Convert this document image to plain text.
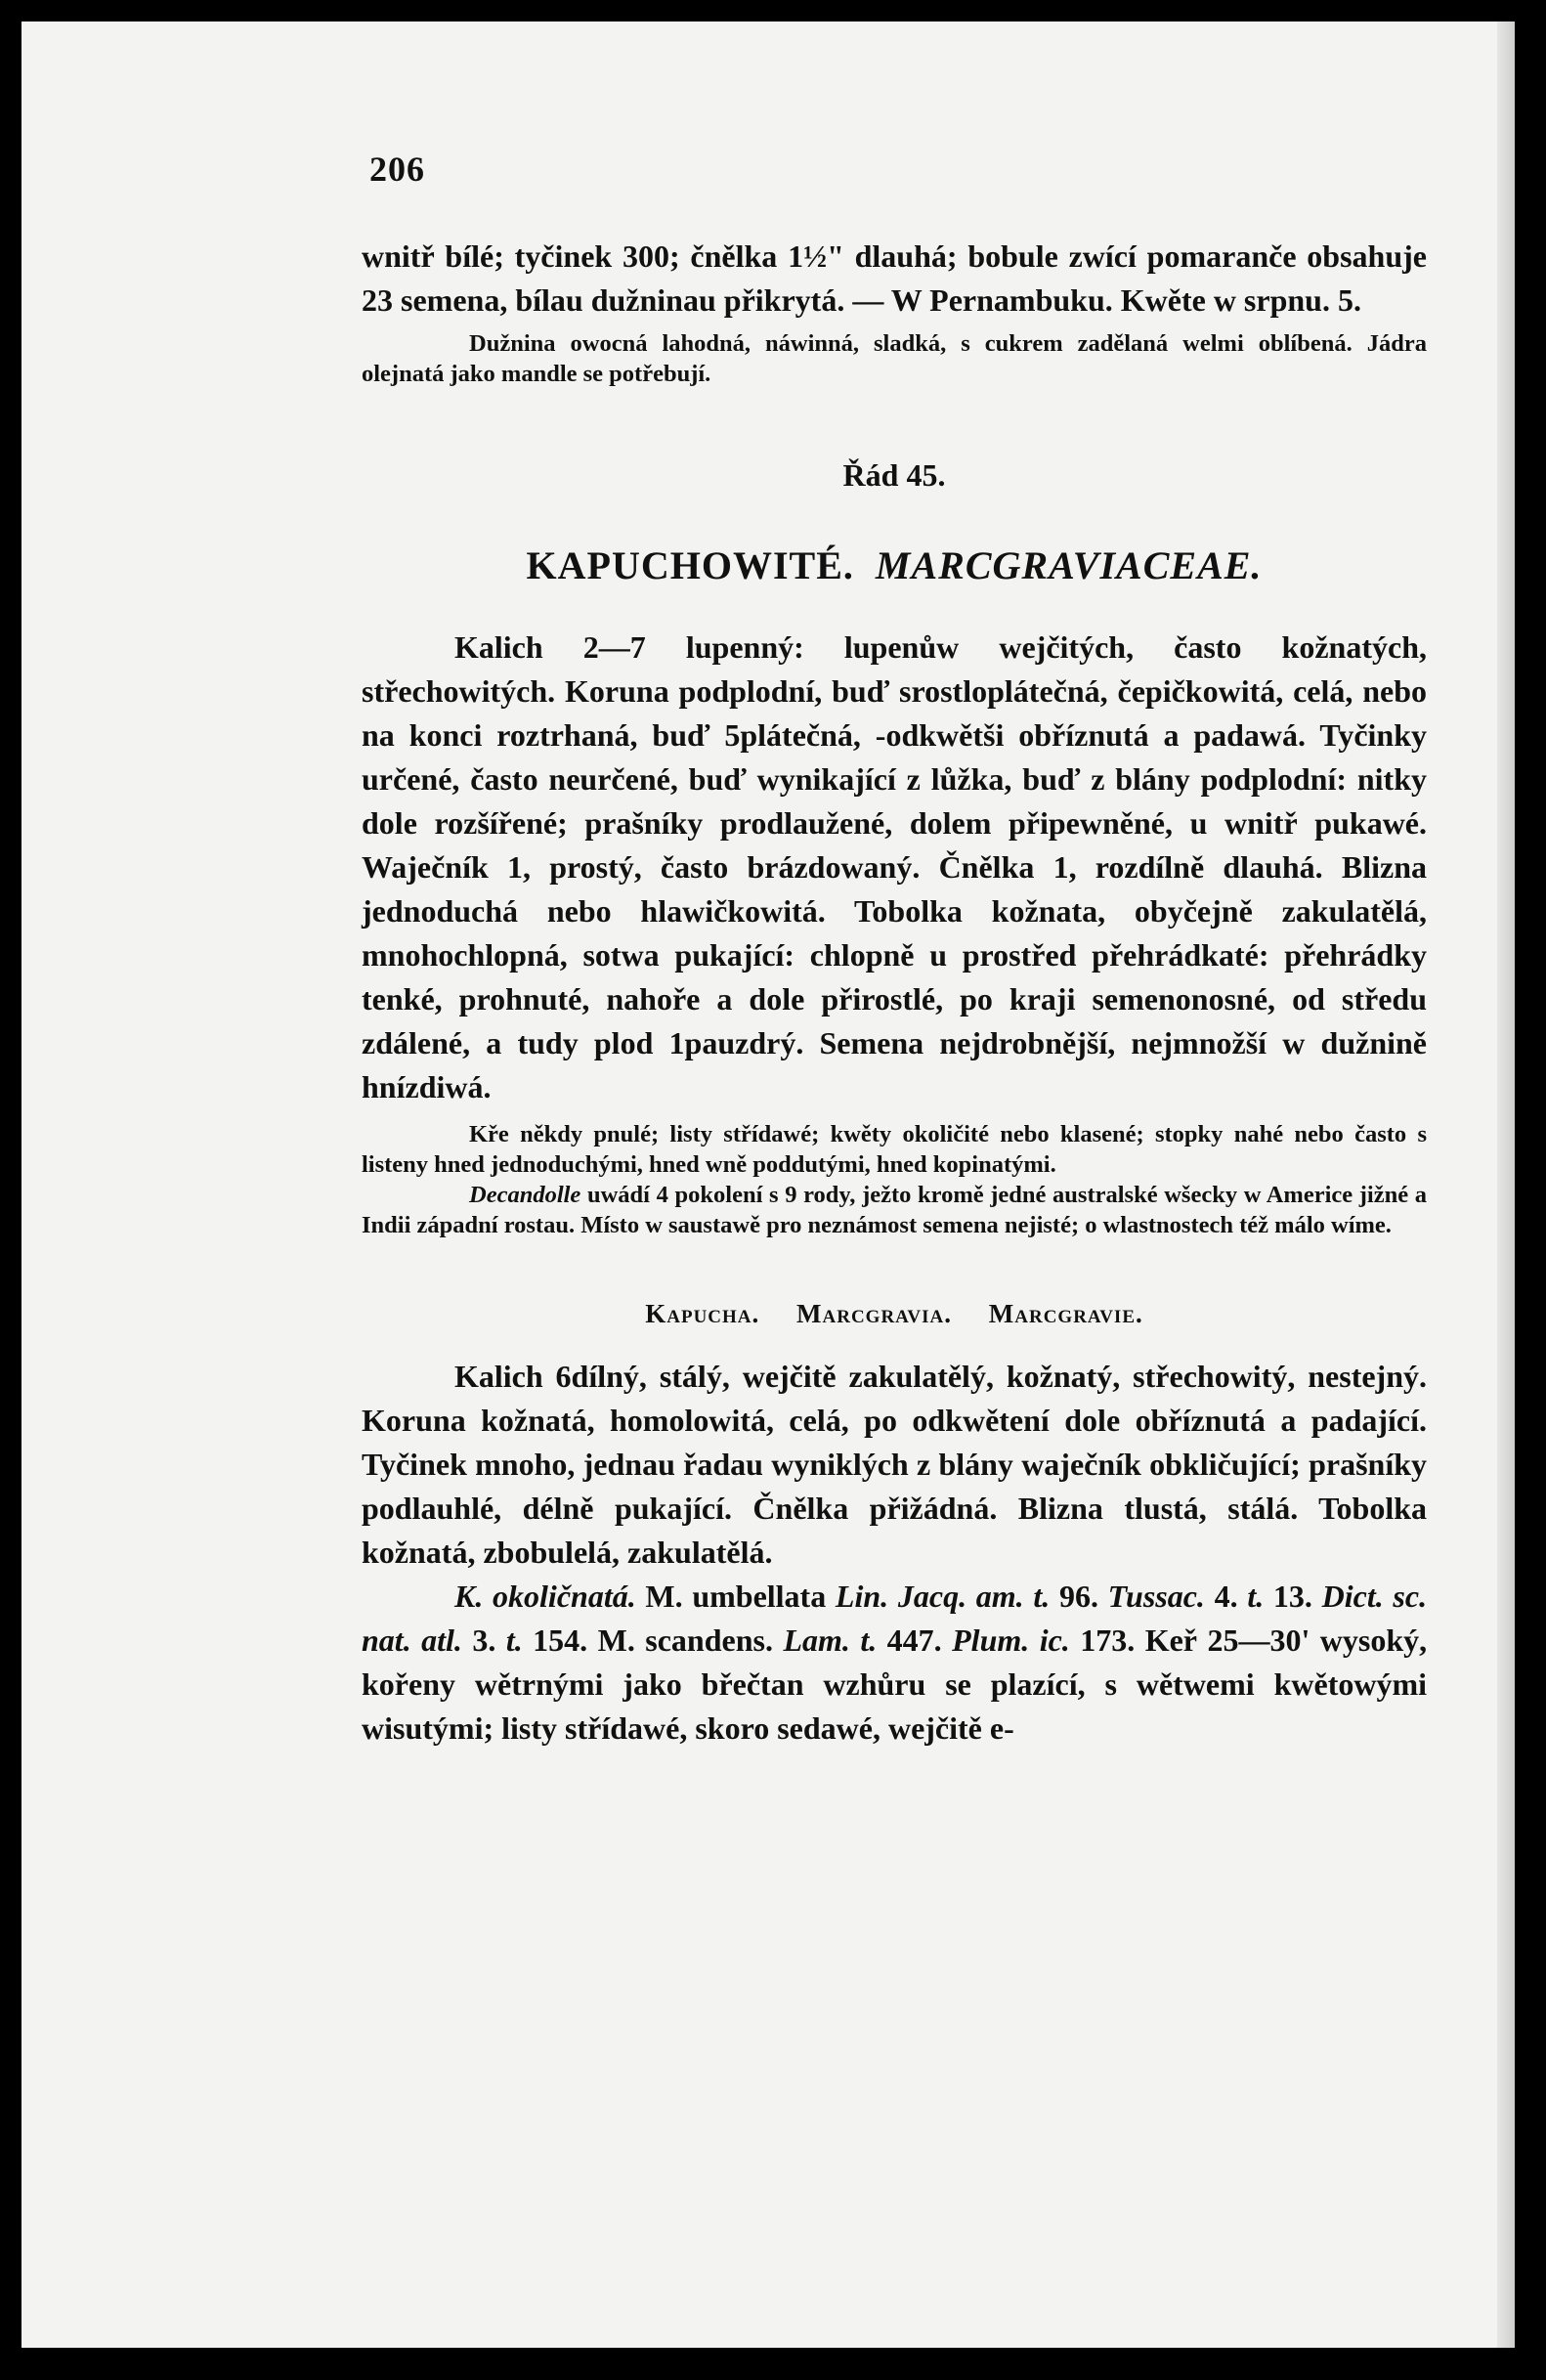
206

wnitř bílé; tyčinek 300; čnělka 1½" dlauhá; bobule zwící pomaranče obsahuje 23 semena, bílau dužninau přikrytá. — W Pernambuku. Kwěte w srpnu. 5.

Dužnina owocná lahodná, náwinná, sladká, s cukrem zadělaná welmi oblíbená. Jádra olejnatá jako mandle se potřebují.

Řád 45.
KAPUCHOWITÉ. MARCGRAVIACEAE.

Kalich 2—7 lupenný: lupenůw wejčitých, často kožnatých, střechowitých. Koruna podplodní, buď srostloplátečná, čepičkowitá, celá, nebo na konci roztrhaná, buď 5plátečná, -odkwětši obříznutá a padawá. Tyčinky určené, často neurčené, buď wynikající z lůžka, buď z blány podplodní: nitky dole rozšířené; prašníky prodlaužené, dolem připewněné, u wnitř pukawé. Waječník 1, prostý, často brázdowaný. Čnělka 1, rozdílně dlauhá. Blizna jednoduchá nebo hlawičkowitá. Tobolka kožnata, obyčejně zakulatělá, mnohochlopná, sotwa pukající: chlopně u prostřed přehrádkaté: přehrádky tenké, prohnuté, nahoře a dole přirostlé, po kraji semenonosné, od středu zdálené, a tudy plod 1pauzdrý. Semena nejdrobnější, nejmnožší w dužnině hnízdiwá.

Kře někdy pnulé; listy střídawé; kwěty okoličité nebo klasené; stopky nahé nebo často s listeny hned jednoduchými, hned wně poddutými, hned kopinatými.

Decandolle uwádí 4 pokolení s 9 rody, ježto kromě jedné australské wšecky w Americe jižné a Indii západní rostau. Místo w saustawě pro neznámost semena nejisté; o wlastnostech též málo wíme.

Kapucha. Marcgravia. Marcgravie.

Kalich 6dílný, stálý, wejčitě zakulatělý, kožnatý, střechowitý, nestejný. Koruna kožnatá, homolowitá, celá, po odkwětení dole obříznutá a padající. Tyčinek mnoho, jednau řadau wyniklých z blány waječník obkličující; prašníky podlauhlé, délně pukající. Čnělka přižádná. Blizna tlustá, stálá. Tobolka kožnatá, zbobulelá, zakulatělá.

K. okoličnatá. M. umbellata Lin. Jacq. am. t. 96. Tussac. 4. t. 13. Dict. sc. nat. atl. 3. t. 154. M. scandens. Lam. t. 447. Plum. ic. 173. Keř 25—30' wysoký, kořeny wětrnými jako břečtan wzhůru se plazící, s wětwemi kwětowými wisutými; listy střídawé, skoro sedawé, wejčitě e-
